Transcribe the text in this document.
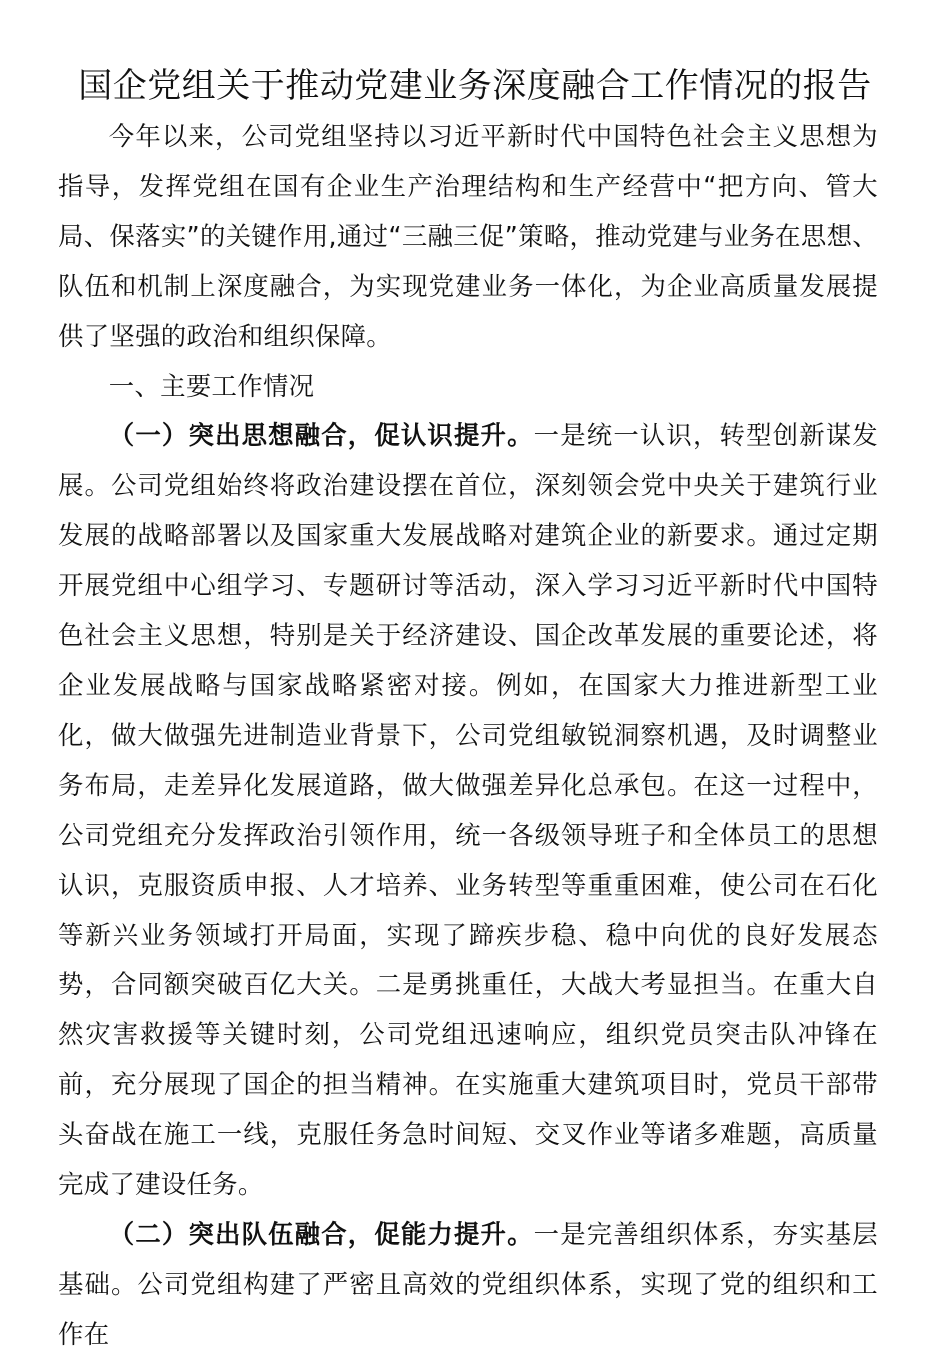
国企党组关于推动党建业务深度融合工作情况的报告

今年以来，公司党组坚持以习近平新时代中国特色社会主义思想为指导，发挥党组在国有企业生产治理结构和生产经营中“把方向、管大局、保落实”的关键作用,通过“三融三促”策略，推动党建与业务在思想、队伍和机制上深度融合，为实现党建业务一体化，为企业高质量发展提供了坚强的政治和组织保障。

一、主要工作情况

（一）突出思想融合，促认识提升。一是统一认识，转型创新谋发展。公司党组始终将政治建设摆在首位，深刻领会党中央关于建筑行业发展的战略部署以及国家重大发展战略对建筑企业的新要求。通过定期开展党组中心组学习、专题研讨等活动，深入学习习近平新时代中国特色社会主义思想，特别是关于经济建设、国企改革发展的重要论述，将企业发展战略与国家战略紧密对接。例如，在国家大力推进新型工业化，做大做强先进制造业背景下，公司党组敏锐洞察机遇，及时调整业务布局，走差异化发展道路，做大做强差异化总承包。在这一过程中，公司党组充分发挥政治引领作用，统一各级领导班子和全体员工的思想认识，克服资质申报、人才培养、业务转型等重重困难，使公司在石化等新兴业务领域打开局面，实现了蹄疾步稳、稳中向优的良好发展态势，合同额突破百亿大关。二是勇挑重任，大战大考显担当。在重大自然灾害救援等关键时刻，公司党组迅速响应，组织党员突击队冲锋在前，充分展现了国企的担当精神。在实施重大建筑项目时，党员干部带头奋战在施工一线，克服任务急时间短、交叉作业等诸多难题，高质量完成了建设任务。

（二）突出队伍融合，促能力提升。一是完善组织体系，夯实基层基础。公司党组构建了严密且高效的党组织体系，实现了党的组织和工作在
